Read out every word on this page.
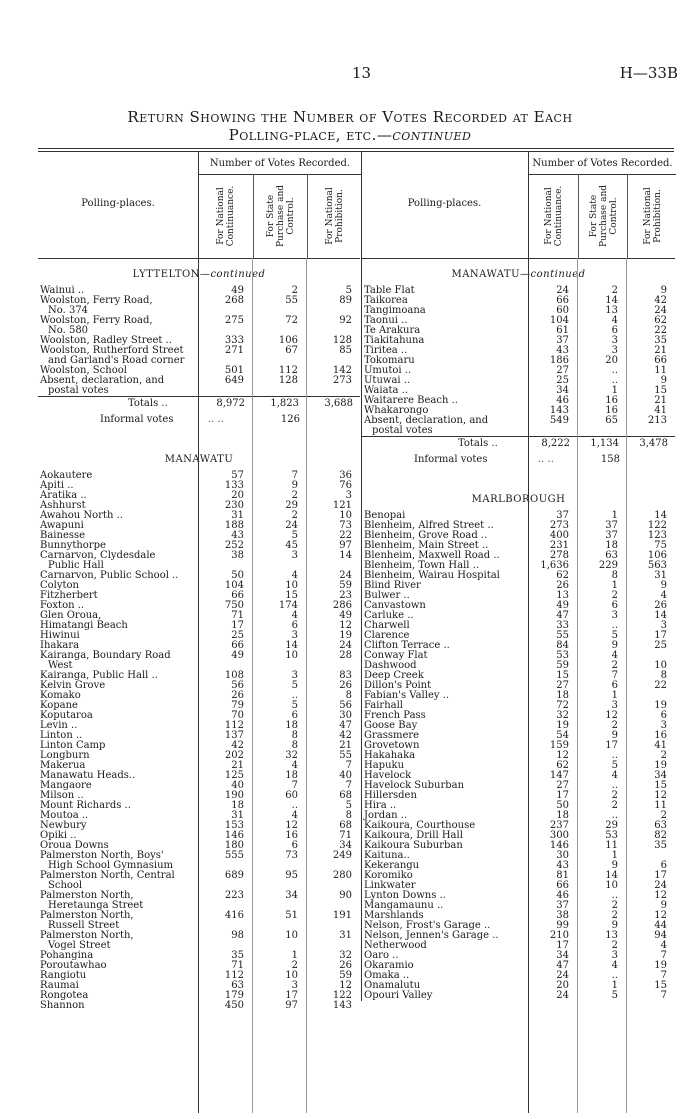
13	H—33B
Return Showing the Number of Votes Recorded at Each
Polling-place, etc.—continued
Polling-places.
Number of Votes Recorded.
For National Continuance.	For State Purchase and Control.	For National Prohibition.
LYTTELTON—continued
Wainui ..	49	2	5
Woolston, Ferry Road,
No. 374
268	55	89
Woolston, Ferry Road,
No. 580
275	72	92
Woolston, Radley Street ..	333	106	128
Woolston, Rutherford Street
and Garland's Road corner
271	67	85
Woolston, School	501	112	142
Absent, declaration, and
postal votes
649	128	273
Totals ..	8,972	1,823	3,688
Informal votes	.. ..	126
MANAWATU
Aokautere	57	7	36
Apiti ..	133	9	76
Aratika ..	20	2	3
Ashhurst	230	29	121
Awahou North ..	31	2	10
Awapuni	188	24	73
Bainesse	43	5	22
Bunnythorpe	252	45	97
Carnarvon, Clydesdale
Public Hall
38	3	14
Carnarvon, Public School ..	50	4	24
Colyton	104	10	59
Fitzherbert	66	15	23
Foxton ..	750	174	286
Glen Oroua,	71	4	49
Himatangi Beach	17	6	12
Hiwinui	25	3	19
Ihakara	66	14	24
Kairanga, Boundary Road
West
49	10	28
Kairanga, Public Hall ..	108	3	83
Kelvin Grove	56	5	26
Komako	26	..	8
Kopane	79	5	56
Koputaroa	70	6	30
Levin ..	112	18	47
Linton ..	137	8	42
Linton Camp	42	8	21
Longburn	202	32	55
Makerua	21	4	7
Manawatu Heads..	125	18	40
Mangaore	40	7	7
Milson ..	190	60	68
Mount Richards ..	18	..	5
Moutoa ..	31	4	8
Newbury	153	12	68
Opiki ..	146	16	71
Oroua Downs	180	6	34
Palmerston North, Boys'
High School Gymnasium
555	73	249
Palmerston North, Central
School
689	95	280
Palmerston North,
Heretaunga Street
223	34	90
Palmerston North,
Russell Street
416	51	191
Palmerston North,
Vogel Street
98	10	31
Pohangina	35	1	32
Poroutawhao	71	2	26
Rangiotu	112	10	59
Raumai	63	3	12
Rongotea	179	17	122
Shannon	450	97	143
Polling-places.
Number of Votes Recorded.
For National Continuance.	For State Purchase and Control.	For National Prohibition.
MANAWATU—continued
Table Flat	24	2	9
Taikorea	66	14	42
Tangimoana	60	13	24
Taonui ..	104	4	62
Te Arakura	61	6	22
Tiakitahuna	37	3	35
Tiritea ..	43	3	21
Tokomaru	186	20	66
Umutoi ..	27	..	11
Utuwai ..	25	..	9
Waiata ..	34	1	15
Waitarere Beach ..	46	16	21
Whakarongo	143	16	41
Absent, declaration, and
postal votes
549	65	213
Totals ..	8,222	1,134	3,478
Informal votes	.. ..	158
MARLBOROUGH
Benopai	37	1	14
Blenheim, Alfred Street ..	273	37	122
Blenheim, Grove Road ..	400	37	123
Blenheim, Main Street ..	231	18	75
Blenheim, Maxwell Road ..	278	63	106
Blenheim, Town Hall ..	1,636	229	563
Blenheim, Wairau Hospital	62	8	31
Blind River	26	1	9
Bulwer ..	13	2	4
Canvastown	49	6	26
Carluke ..	47	3	14
Charwell	33	..	3
Clarence	55	5	17
Clifton Terrace ..	84	9	25
Conway Flat	53	4
Dashwood	59	2	10
Deep Creek	15	7	8
Dillon's Point	27	6	22
Fabian's Valley ..	18	1
Fairhall	72	3	19
French Pass	32	12	6
Goose Bay	19	2	3
Grassmere	54	9	16
Grovetown	159	17	41
Hakahaka	12	..	2
Hapuku	62	5	19
Havelock	147	4	34
Havelock Suburban	27	..	15
Hillersden	17	2	12
Hira ..	50	2	11
Jordan ..	18	..	2
Kaikoura, Courthouse	237	29	63
Kaikoura, Drill Hall	300	53	82
Kaikoura Suburban	146	11	35
Kaituna..	30	1
Kekerangu	43	9	6
Koromiko	81	14	17
Linkwater	66	10	24
Lynton Downs ..	46	..	12
Mangamaunu ..	37	2	9
Marshlands	38	2	12
Nelson, Frost's Garage ..	99	9	44
Nelson, Jennen's Garage ..	210	13	94
Netherwood	17	2	4
Oaro ..	34	3	7
Okaramio	47	4	19
Omaka ..	24	..	7
Onamalutu	20	1	15
Opouri Valley	24	5	7
